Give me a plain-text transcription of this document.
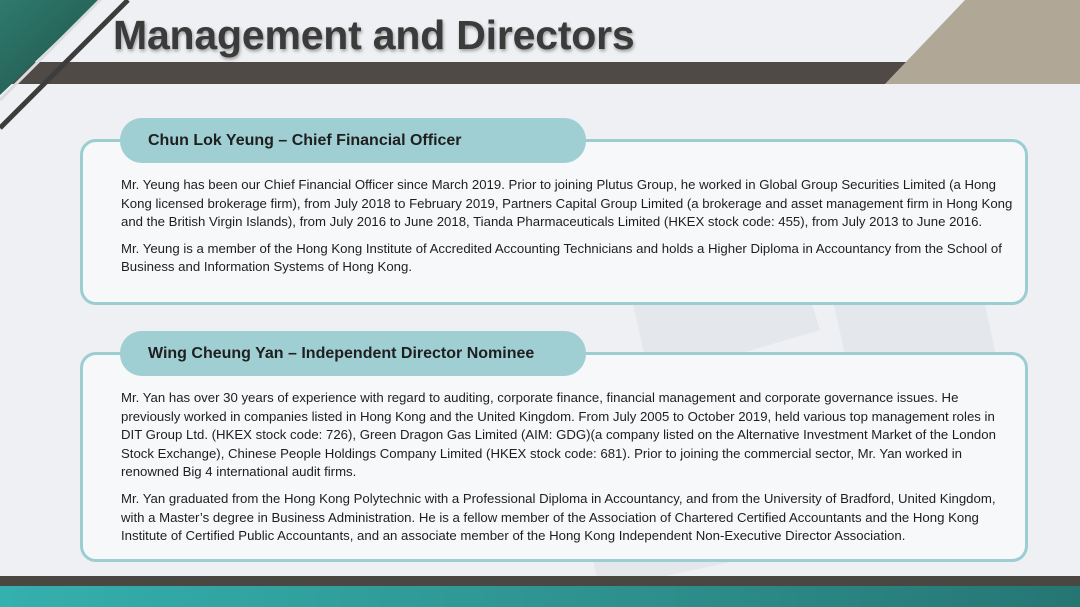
Management and Directors
Chun Lok Yeung – Chief Financial Officer

Mr. Yeung has been our Chief Financial Officer since March 2019. Prior to joining Plutus Group, he worked in Global Group Securities Limited (a Hong Kong licensed brokerage firm), from July 2018 to February 2019, Partners Capital Group Limited (a brokerage and asset management firm in Hong Kong and the British Virgin Islands), from July 2016 to June 2018, Tianda Pharmaceuticals Limited (HKEX stock code: 455), from July 2013 to June 2016.

Mr. Yeung is a member of the Hong Kong Institute of Accredited Accounting Technicians and holds a Higher Diploma in Accountancy from the School of Business and Information Systems of Hong Kong.

Wing Cheung Yan – Independent Director Nominee

Mr. Yan has over 30 years of experience with regard to auditing, corporate finance, financial management and corporate governance issues. He previously worked in companies listed in Hong Kong and the United Kingdom. From July 2005 to October 2019, held various top management roles in DIT Group Ltd. (HKEX stock code: 726), Green Dragon Gas Limited (AIM: GDG)(a company listed on the Alternative Investment Market of the London Stock Exchange), Chinese People Holdings Company Limited (HKEX stock code: 681). Prior to joining the commercial sector, Mr. Yan worked in renowned Big 4 international audit firms.

Mr. Yan graduated from the Hong Kong Polytechnic with a Professional Diploma in Accountancy, and from the University of Bradford, United Kingdom, with a Master’s degree in Business Administration. He is a fellow member of the Association of Chartered Certified Accountants and the Hong Kong Institute of Certified Public Accountants, and an associate member of the Hong Kong Independent Non-Executive Director Association.
